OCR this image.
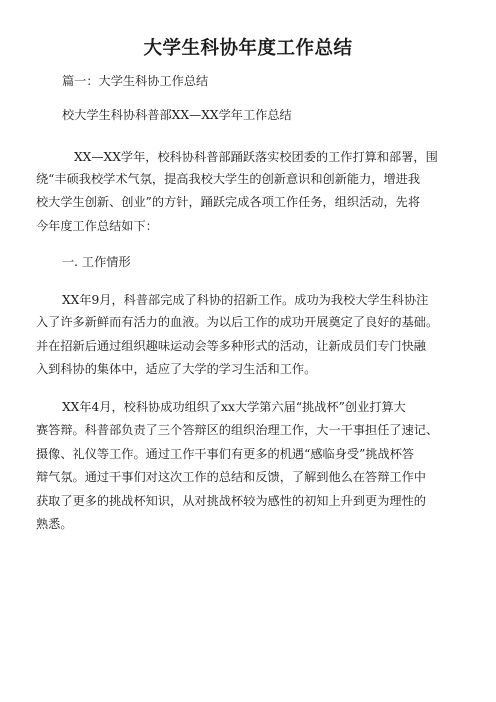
大学生科协年度工作总结
篇一：大学生科协工作总结
校大学生科协科普部XX—XX学年工作总结
XX—XX学年，校科协科普部踊跃落实校团委的工作打算和部署，围
绕“丰硕我校学术气氛，提高我校大学生的创新意识和创新能力，增进我
校大学生创新、创业”的方针，踊跃完成各项工作任务，组织活动，先将
今年度工作总结如下：
一. 工作情形
XX年9月，科普部完成了科协的招新工作。成功为我校大学生科协注
入了许多新鲜而有活力的血液。为以后工作的成功开展奠定了良好的基础。
并在招新后通过组织趣味运动会等多种形式的活动，让新成员们专门快融
入到科协的集体中，适应了大学的学习生活和工作。
XX年4月，校科协成功组织了xx大学第六届“挑战杯”创业打算大
赛答辩。科普部负责了三个答辩区的组织治理工作，大一干事担任了速记、
摄像、礼仪等工作。通过工作干事们有更多的机遇“感临身受”挑战杯答
辩气氛。通过干事们对这次工作的总结和反馈，了解到他么在答辩工作中
获取了更多的挑战杯知识，从对挑战杯较为感性的初知上升到更为理性的
熟悉。
